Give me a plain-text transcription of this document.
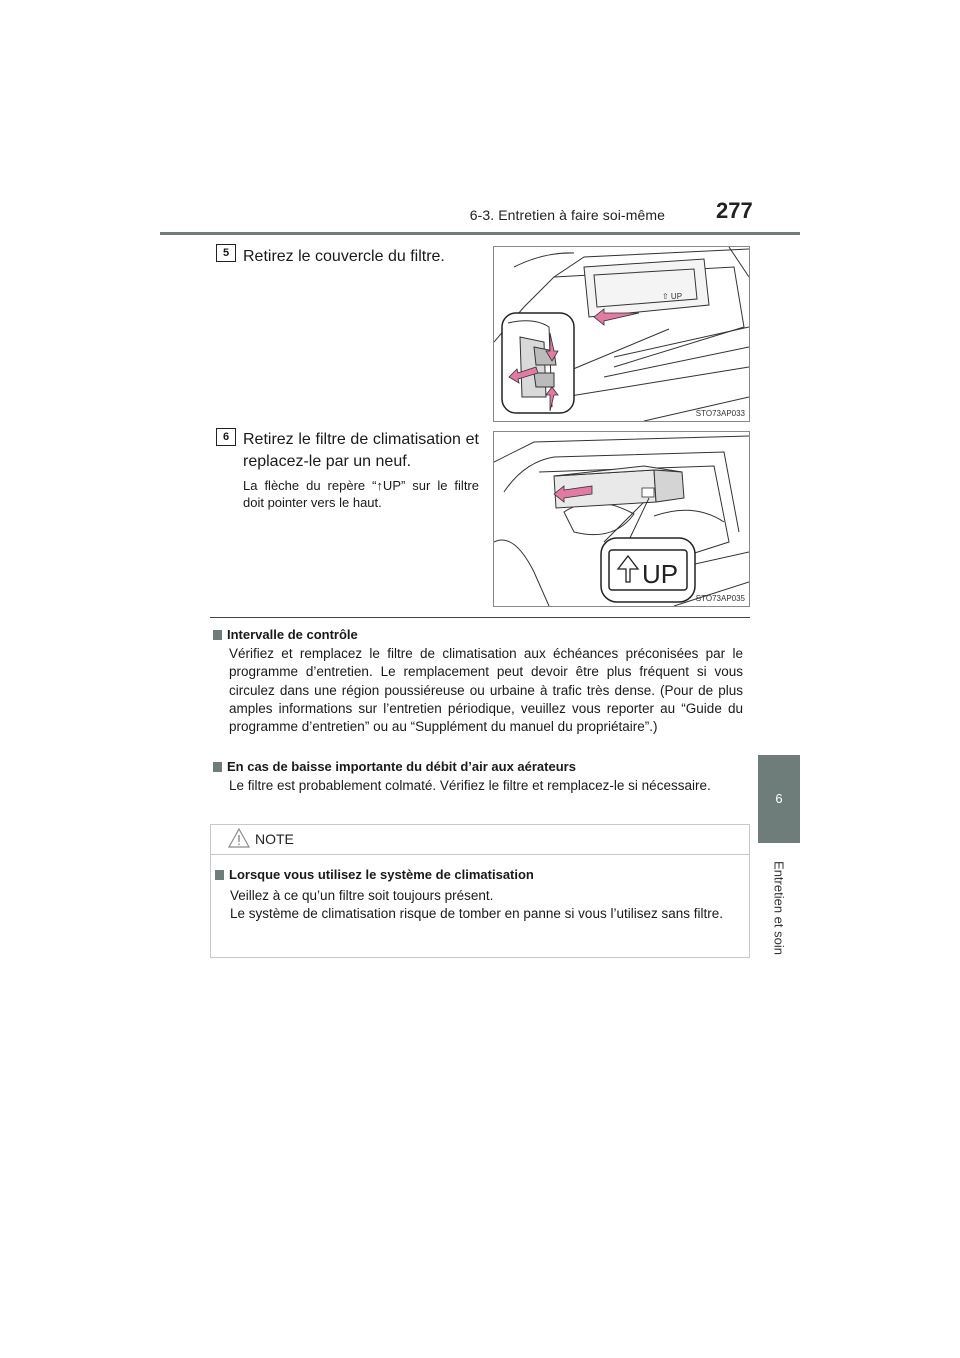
6-3. Entretien à faire soi-même 277
6
Entretien et soin
5 Retirez le couvercle du filtre.
⇧ UP
STO73AP033
6 Retirez le filtre de climatisation et replacez-le par un neuf.
La flèche du repère “↑UP” sur le filtre doit pointer vers le haut.
UP
STO73AP035
Intervalle de contrôle
Vérifiez et remplacez le filtre de climatisation aux échéances préconisées par le programme d’entretien. Le remplacement peut devoir être plus fréquent si vous circulez dans une région poussiéreuse ou urbaine à trafic très dense. (Pour de plus amples informations sur l’entretien périodique, veuillez vous reporter au “Guide du programme d’entretien” ou au “Supplément du manuel du propriétaire”.)
En cas de baisse importante du débit d’air aux aérateurs
Le filtre est probablement colmaté. Vérifiez le filtre et remplacez-le si nécessaire.
NOTE
Lorsque vous utilisez le système de climatisation
Veillez à ce qu’un filtre soit toujours présent.
Le système de climatisation risque de tomber en panne si vous l’utilisez sans filtre.
